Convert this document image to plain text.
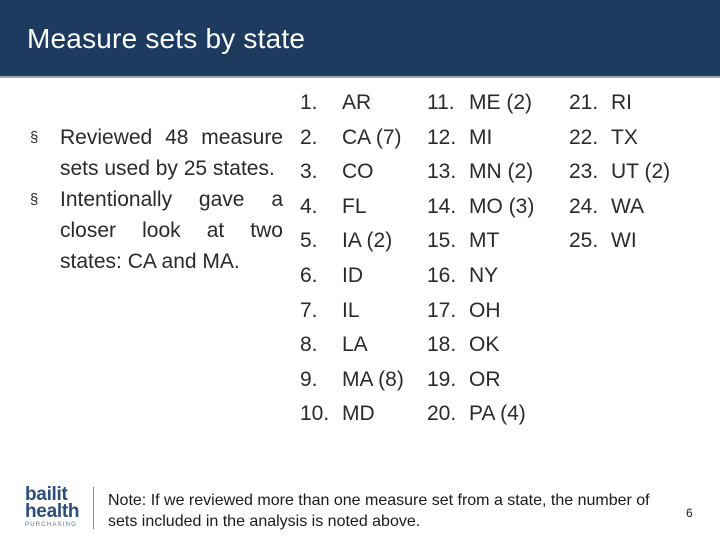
Measure sets by state
§ Reviewed 48 measure sets used by 25 states.
§ Intentionally gave a closer look at two states: CA and MA.
1. AR
2. CA (7)
3. CO
4. FL
5. IA (2)
6. ID
7. IL
8. LA
9. MA (8)
10. MD
11. ME (2)
12. MI
13. MN (2)
14. MO (3)
15. MT
16. NY
17. OH
18. OK
19. OR
20. PA (4)
21. RI
22. TX
23. UT (2)
24. WA
25. WI
bailit
health
PURCHASING
Note: If we reviewed more than one measure set from a state, the number of sets included in the analysis is noted above.	6
